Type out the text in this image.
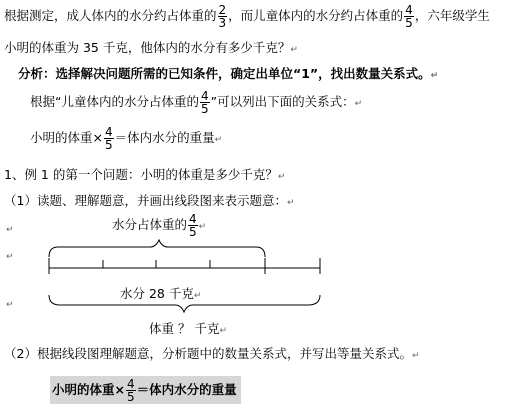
根据测定，成人体内的水分约占体重的 $\frac{2}{3}$ ，而儿童体内的水分约占体重的 $\frac{4}{5}$ ，六年级学生
小明的体重为 35 千克，他体内的水分有多少千克？↵
分析：选择解决问题所需的已知条件，确定出单位“1”，找出数量关系式。↵
根据“儿童体内的水分占体重的 $\frac{4}{5}$ ”可以列出下面的关系式：↵
小明的体重× $\frac{4}{5}$ ＝体内水分的重量↵
1、例 1 的第一个问题：小明的体重是多少千克？↵
（1）读题、理解题意，并画出线段图来表示题意：↵
↵
↵
↵
水分占体重的 $\frac{4}{5}$ ↵
水分 28 千克↵
体重 ？ 千克↵
（2）根据线段图理解题意，分析题中的数量关系式，并写出等量关系式。↵
小明的体重× $\frac{4}{5}$ ＝体内水分的重量
